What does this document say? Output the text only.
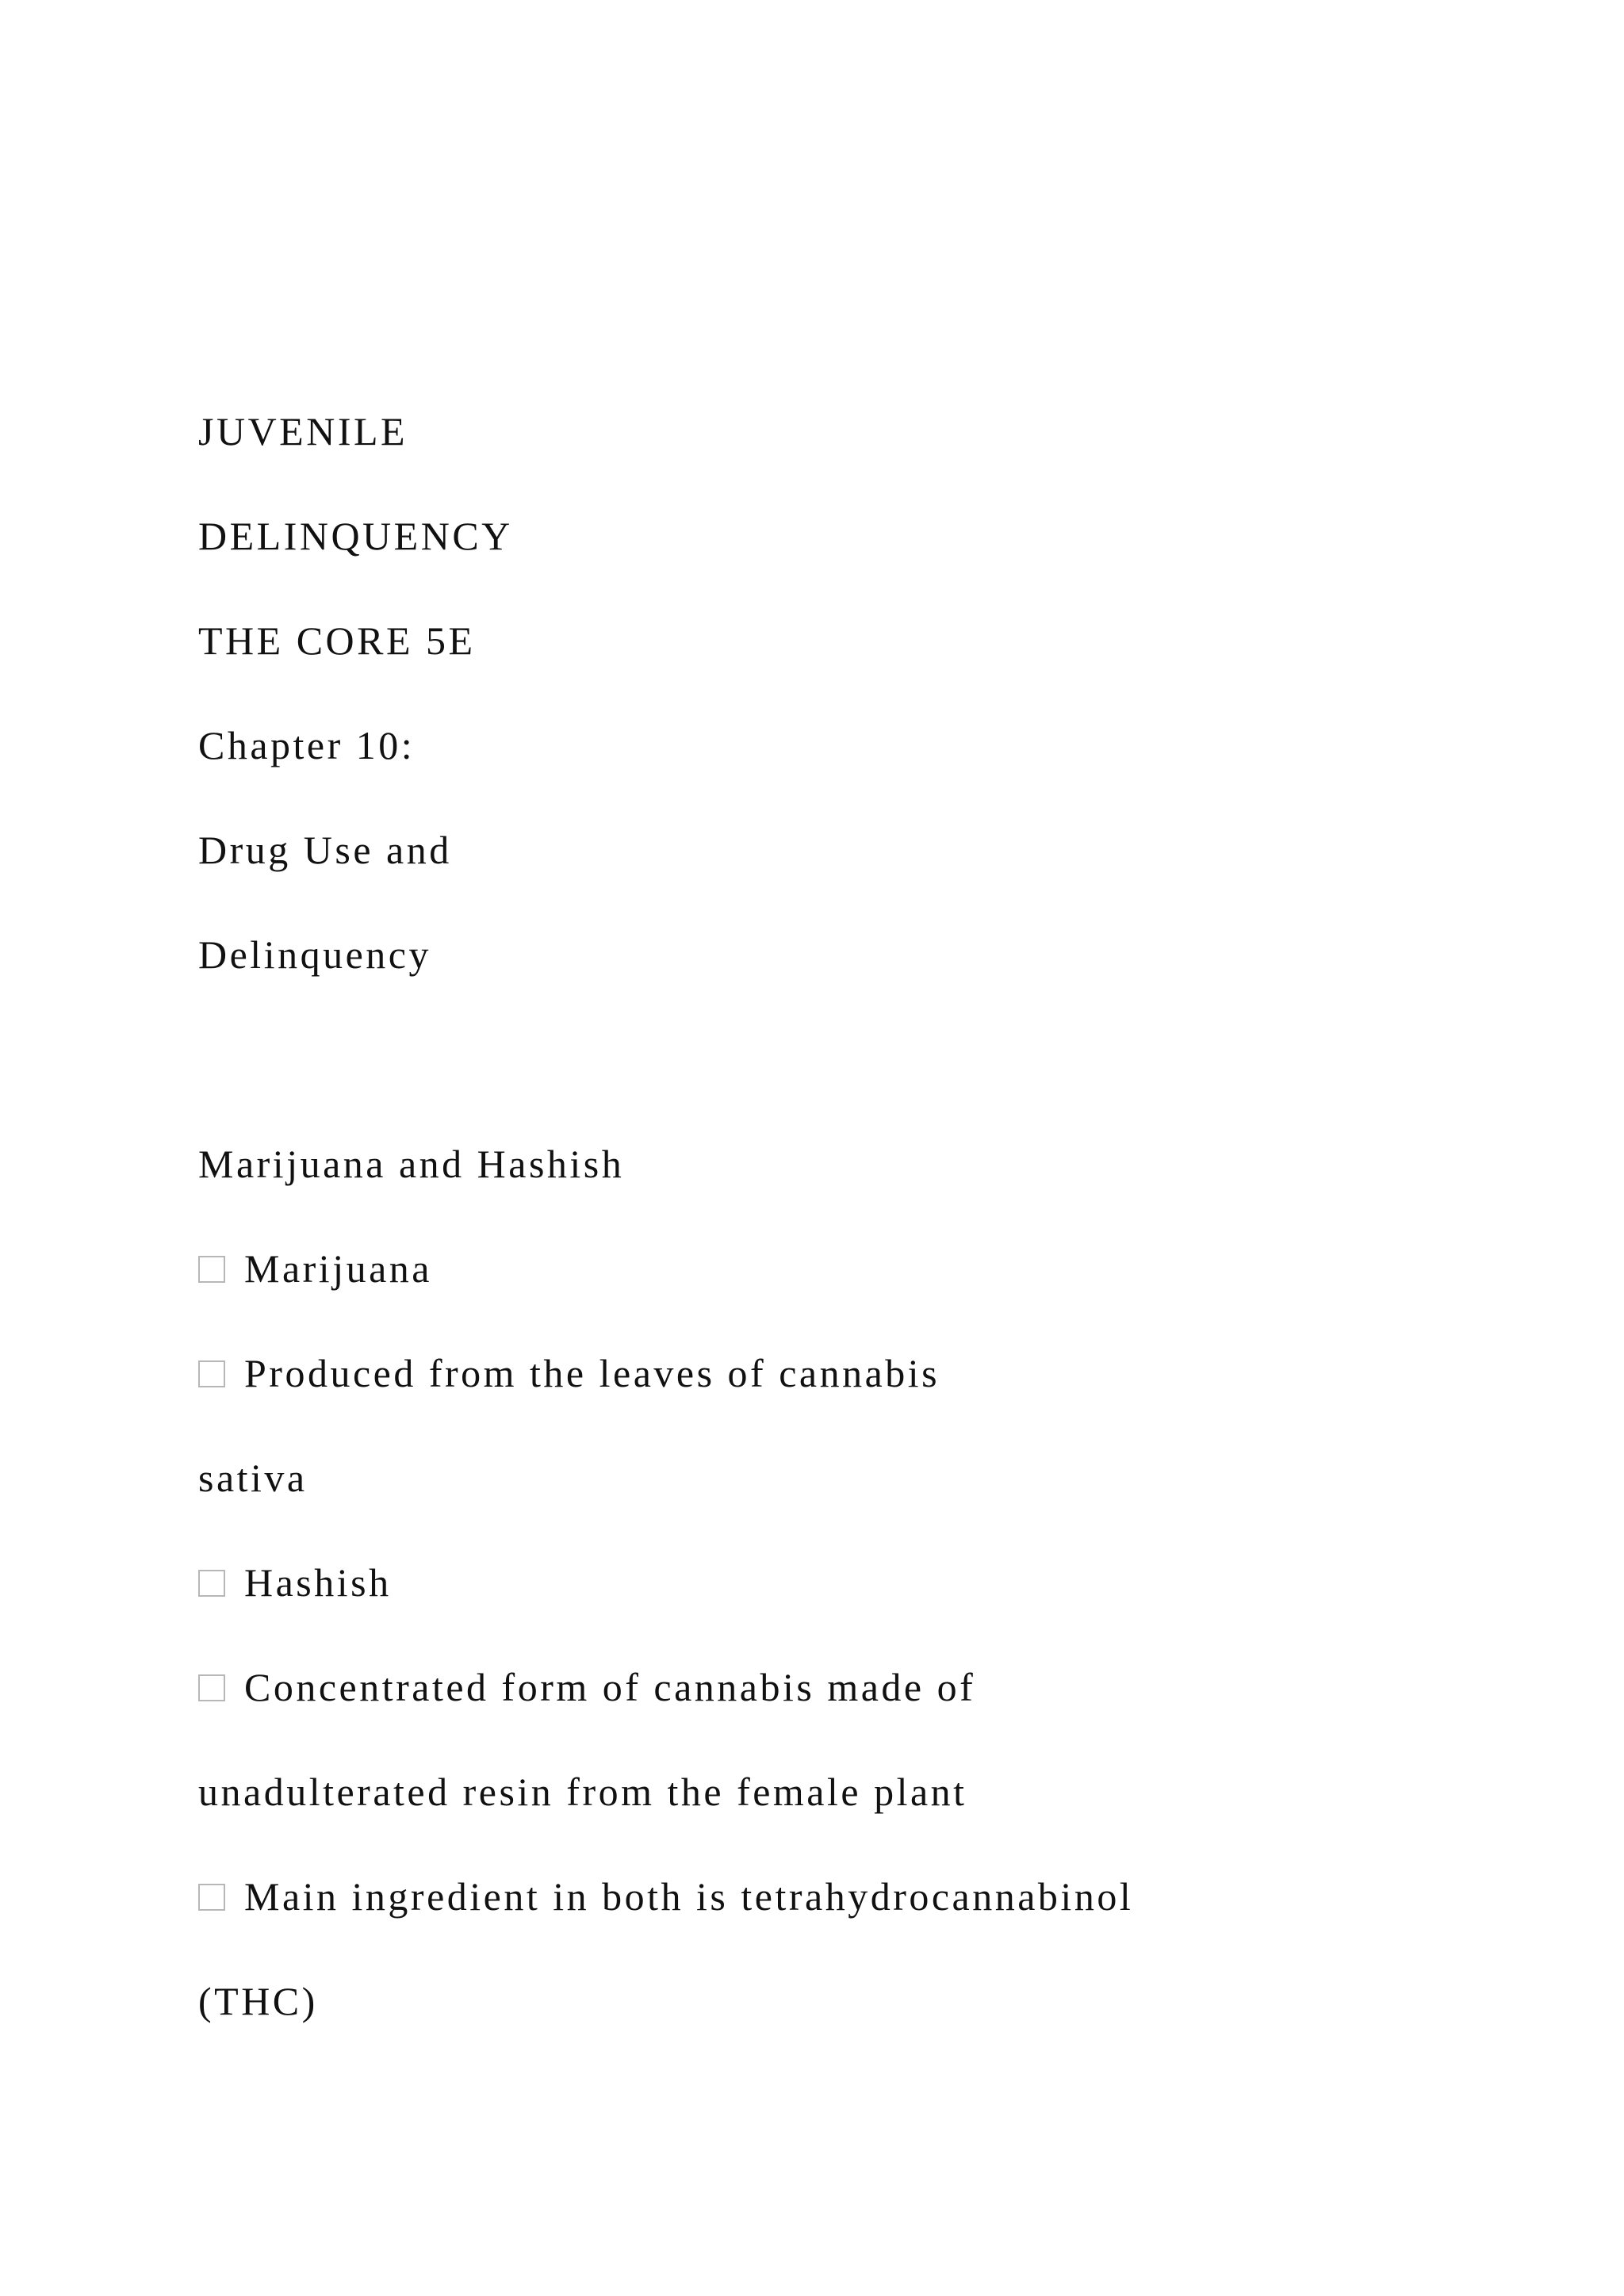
JUVENILE

DELINQUENCY

THE CORE 5E

Chapter 10:

Drug Use and

Delinquency

Marijuana and Hashish

Marijuana

Produced from the leaves of cannabis

sativa

Hashish

Concentrated form of cannabis made of

unadulterated resin from the female plant

Main ingredient in both is tetrahydrocannabinol

(THC)
